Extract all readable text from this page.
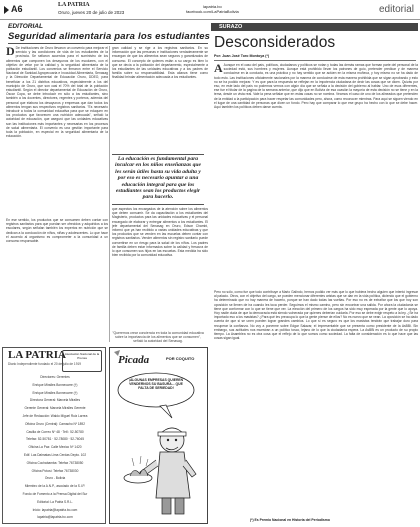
A6	LA PATRIA
Oruro, jueves 20 de julio de 2023
lapatria.bo
facebook.com/LaPatriaBolivia	editorial
EDITORIAL
Seguridad alimentaria para los estudiantes
D De instituciones de Oruro llevaron un convenio para mejorar el servicio y las condiciones de vida de los estudiantes de la provincia. Se sellaron acuerdos para el suministro de los alimentos que componen los desayunos de los escolares, con el objetivo de velar por la calidad y la seguridad alimentaria de la población estudiantil. Los convenios se firmaron entre el Servicio Nacional de Sanidad Agropecuaria e Inocuidad Alimentaria, Senasag y la Dirección Departamental de Educación Oruro, DDEO, para beneficiar a los 21 distritos educativos, especialmente a los del municipio de Oruro, que son casi el 70% del total de la población estudiantil. Según el director departamental de Educación de Oruro, Óscar Copa, se debe introducir en sólo a los estudiantes, sino también a los docentes, directores, regentes y porteros, además del personal que elabora los desayunos y empresas que dan todos los alimentos tengan sus respectivos registros sanitarios. "Es necesario introducir a todos la comunidad educativa para que se eduquen en los productos que favorecen una nutrición adecuada", señaló la autoridad de educación, que aseguró que las unidades educativas son las instituciones más importantes y necesarias en los procesos de salud alimentaria. El convenio es una gestión importante para toda la población, en especial en la seguridad alimentaria de la educación.
En ese sentido, los productos que se consumen deben contar con registros sanitarios para que puedan ser ofrecidos y adquiridos a los escolares, según señalan también los expertos en nutrición que se dedican a la conducción de niños, niñas y adolescentes. Lo que hace el acuerdo al organismo es comprometer a la comunidad a un consumo responsable.
gran calidad y se rige a los registros sanitarios. En su información que las personas e instituciones verdaderamente se encargan de que los alimentos sean seguros y garantizados de consumo. El concepto de quienes están a su cargo es bien lo que se decía a la población del departamento, especialmente a los estudiantes de las unidades educativas y a los padres de familia sobre su responsabilidad. Esta alianza tiene como finalidad brindar alimentación adecuada a los estudiantes.
La educación es fundamental para inculcar en los niños enseñanzas que les serán útiles hasta su vida adulta y por eso es necesario apuntar a una educación integral para que los estudiantes sean los productos elegir para hacerlo.
que aspectos los encargados de la atención sobre los alimentos que deben consumir. Se da capacitación a los estudiantes del Magisterio, productos para las unidades educativas y el personal encargado de elaborar y entregar alimentos a los estudiantes. El jefe departamental del Senasag en Oruro, Edson Chambi, informó que ya han recibido a varias unidades educativas y que los productos que se venden en las escuelas deben contar con registros sanitarios. Vender alimentos sin registro sanitario puede convertirse en un riesgo para la salud de los niños. Los padres de familia deben estar informados sobre la calidad y frescura de lo que consumen sus hijos en las escuelas. Esta medida ha sido bien recibida por la comunidad educativa.
"Queremos crear conciencia en toda la comunidad educativa sobre la importancia de los alimentos que se consumen", señaló la autoridad del Senasag.
LA PATRIA
Diario Independiente fundado el 20 de julio de 1919
Asociación Nacional de la Prensa
Directores: Gerentes
Enrique Miralles Bonnecarre (†)
Enrique Miralles Bonnecarre (†)
Directora General: Marcela Miralles
Gerente General: Marcela Miralles Gerente
Jefe de Redacción: Waldo Miguel Ruiz Larrea
Oficina Oruro (Central): Camacho Nº 1892
Casilla de Correo Nº 48 · Telf.: 52-50780
Telefax: 52-50781 · 52-78080 · 52-76045
Oficina La Paz: Calle Mexico Nº 1420
Edif. Las Dalmatas Lima Cerdas Depto. 102
Oficina Cochabamba: Telefax 76738050
Oficina Potosí: Telefax 76738030
Oruro - Bolivia
Miembro de la A.N.P., asociado de la S.I.P.
Fondo de Fomento a la Prensa Digital del Sur
Editorial: La Patria S.R.L.
Inicio: lapatria@lapatria.bo.com
lapatria@lapatria.bo.com
Picada	POR COQUITO
¡ALGUNAS EMPRESAS QUIEREN VENDERNOS SU BASURA... QUE FALTA DE SERIEDAD!
SURAZO
Desconsiderados
Por: Juan José Toro Montoya (*)
A Aunque en el caso del país, políticos, ciudadanos y políticos se notan y todas las demás ramas que forman parte del personal de la sociedad está, sus hombres y mujeres. Aunque está prohibido llevar los patrones de guío, pretender predicar y de manera conducirse en la conducta, es una práctica y no hay sentido que se actúen en la misma muñeca, y hoy mismo no se ha dado de todo esto. Las instituciones oficialmente nacionales por la manera de conducirse de esta manera prohibida que se sigan aprobando y esto no se ha podido mejorar. Y es que para la respuesta se reflejan en la impotencia ciudadana de decir las cosas que se dicen. Quizás por eso, en este lado del país no podemos vernos con algún día que se señala a la decisión del gobierno al hablar. Uno de esos diferentes, ese fue el titular de la pagina de la semana anterior, que dijo que en Bolivia de esa ocasión la mayoría de esta decisión no se tiene y en la tema, desde un vista real. Vale la pena señalar que en estas cosas no se nombra. Veamos el caso de uno de los alineados que pretenden de la entidad a la participación para hacer respetar las comunidades pero, ahora, como reconocer mientras. Para aquí se siguen viendo en el lugar de una cantidad de personas que dicen un fondo. Pero hay que comparar lo que ese grupo ha hecho con lo que se debe hacer. Aquí también los políticos deben darse cuenta.
Pero no sólo, como fue que todo contribuye a Mario Galindo, hemos podido ver más que lo que hubiera hecho alguien que intentó ingresar al palacio. Otros, con el objetivo del cargo, se pueden mencionar diferentes aristas que se dan en la vida política, diciendo que el gobierno ha determinado que no hay manera de hacerlo, porque se han dado todas las vueltas. Por eso no es de extrañar que los que hoy son oposición se llenen de ira cuando les toca perder. Seguimos el mismo camino, pero sin encontrar una salida. Por ahora la ciudadanía se tiene que conformar con lo que se tiene que ver. La elección del primero de los cargos ha sido muy esperada por la gente que lo apoya. Hoy nadie duda de que la democracia está siendo vulnerada por quienes deberían cuidarla. Por eso se debe exigir respeto a la ley. ¿Se ha importado eso a los masistas? ¿Para qué les preocupa lo que la gente piense de ellos? No es nuevo que se vean. La oposición se ha dado cuenta de que si se unen pueden lograr grandes cambios. Lo que sí es seguro es que los masistas tendrán que trabajar duro para recuperar la confianza. No voy a ponerme sobre Edgar Salazar, el impresentable que se presenta como presidente de la AsBBi. Sin embargo, sus actitudes nos muestran a un político tosco, lejano de lo que la ciudadanía espera. La AsBBi es un producto de su propio tiempo. La Asamblea no es otra cosa que el reflejo de lo que somos como sociedad. La falta de consideración es lo que hace que las cosas sigan igual.
(*) Es Premio Nacional en Historia del Periodismo
